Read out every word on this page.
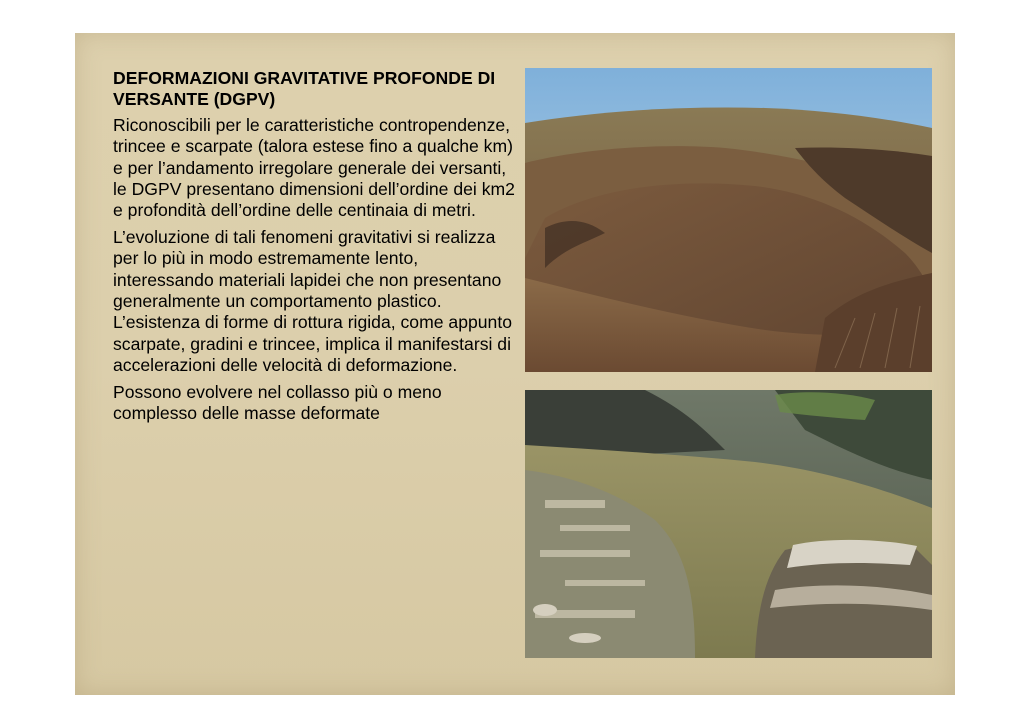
DEFORMAZIONI GRAVITATIVE PROFONDE DI VERSANTE (DGPV)
Riconoscibili per le caratteristiche contropendenze, trincee e scarpate (talora estese fino a qualche km) e per l’andamento irregolare generale dei versanti, le DGPV presentano dimensioni dell’ordine dei km2 e profondità dell’ordine delle centinaia di metri.
L’evoluzione di tali fenomeni gravitativi si realizza per lo più in modo estremamente lento, interessando materiali lapidei che non presentano generalmente un comportamento plastico. L’esistenza di forme di rottura rigida, come appunto scarpate, gradini e trincee, implica il manifestarsi di accelerazioni delle velocità di deformazione.
Possono evolvere nel collasso più o meno complesso delle masse deformate
